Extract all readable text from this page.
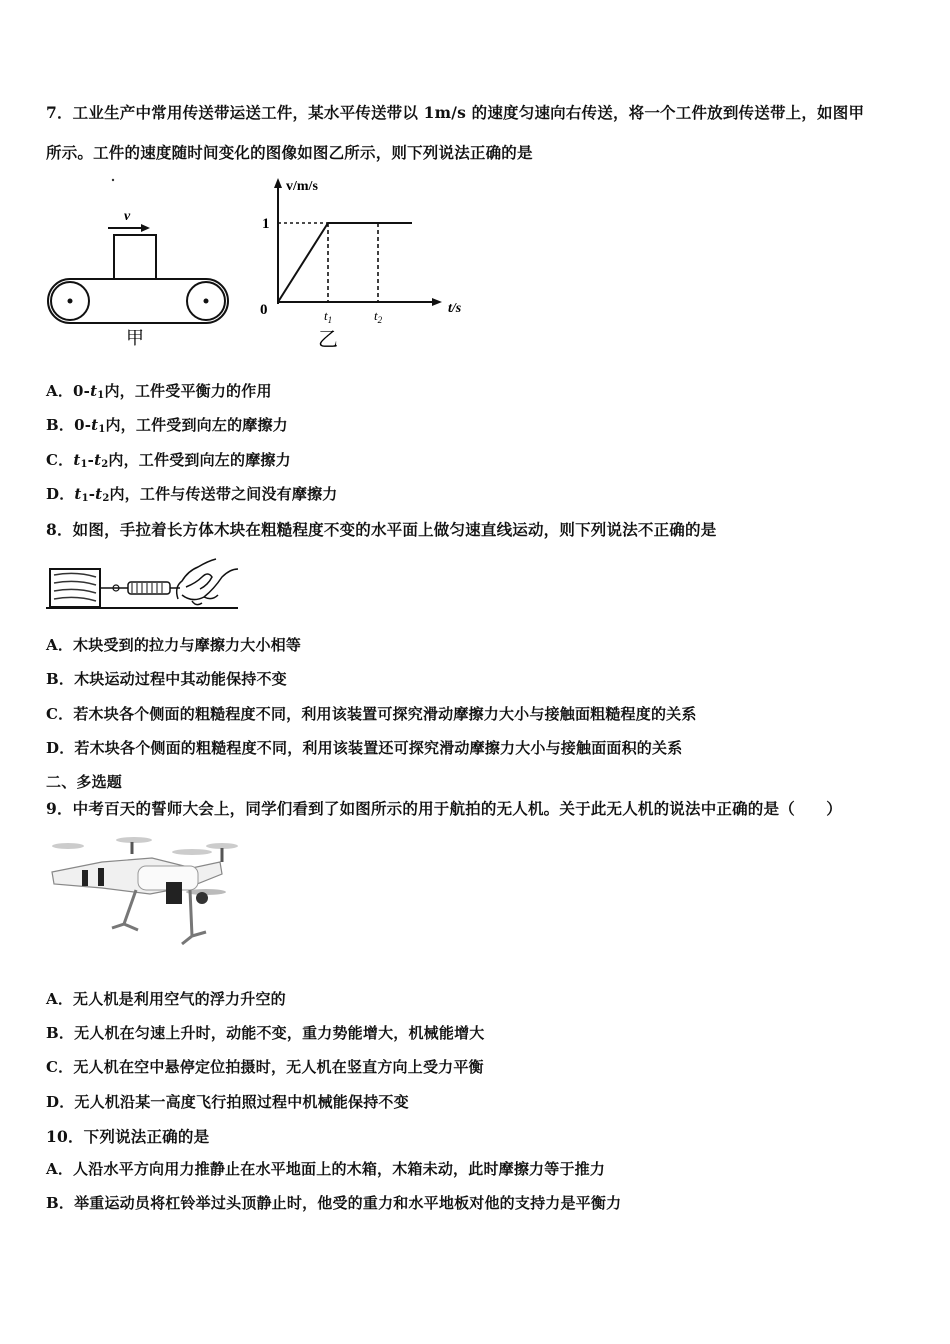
7．工业生产中常用传送带运送工件，某水平传送带以 1m/s 的速度匀速向右传送，将一个工件放到传送带上，如图甲
所示。工件的速度随时间变化的图像如图乙所示，则下列说法正确的是
v
甲
v/m/s
t/s
1
0	$t_1$	$t_2$
乙
A．$0-t_1$内，工件受平衡力的作用
B．$0-t_1$内，工件受到向左的摩擦力
C．$t_1-t_2$内，工件受到向左的摩擦力
D．$t_1-t_2$内，工件与传送带之间没有摩擦力
8．如图，手拉着长方体木块在粗糙程度不变的水平面上做匀速直线运动，则下列说法不正确的是
A．木块受到的拉力与摩擦力大小相等
B．木块运动过程中其动能保持不变
C．若木块各个侧面的粗糙程度不同，利用该装置可探究滑动摩擦力大小与接触面粗糙程度的关系
D．若木块各个侧面的粗糙程度不同，利用该装置还可探究滑动摩擦力大小与接触面面积的关系
二、多选题
9．中考百天的誓师大会上，同学们看到了如图所示的用于航拍的无人机。关于此无人机的说法中正确的是（　　）
A．无人机是利用空气的浮力升空的
B．无人机在匀速上升时，动能不变，重力势能增大，机械能增大
C．无人机在空中悬停定位拍摄时，无人机在竖直方向上受力平衡
D．无人机沿某一高度飞行拍照过程中机械能保持不变
10．下列说法正确的是
A．人沿水平方向用力推静止在水平地面上的木箱，木箱未动，此时摩擦力等于推力
B．举重运动员将杠铃举过头顶静止时，他受的重力和水平地板对他的支持力是平衡力
